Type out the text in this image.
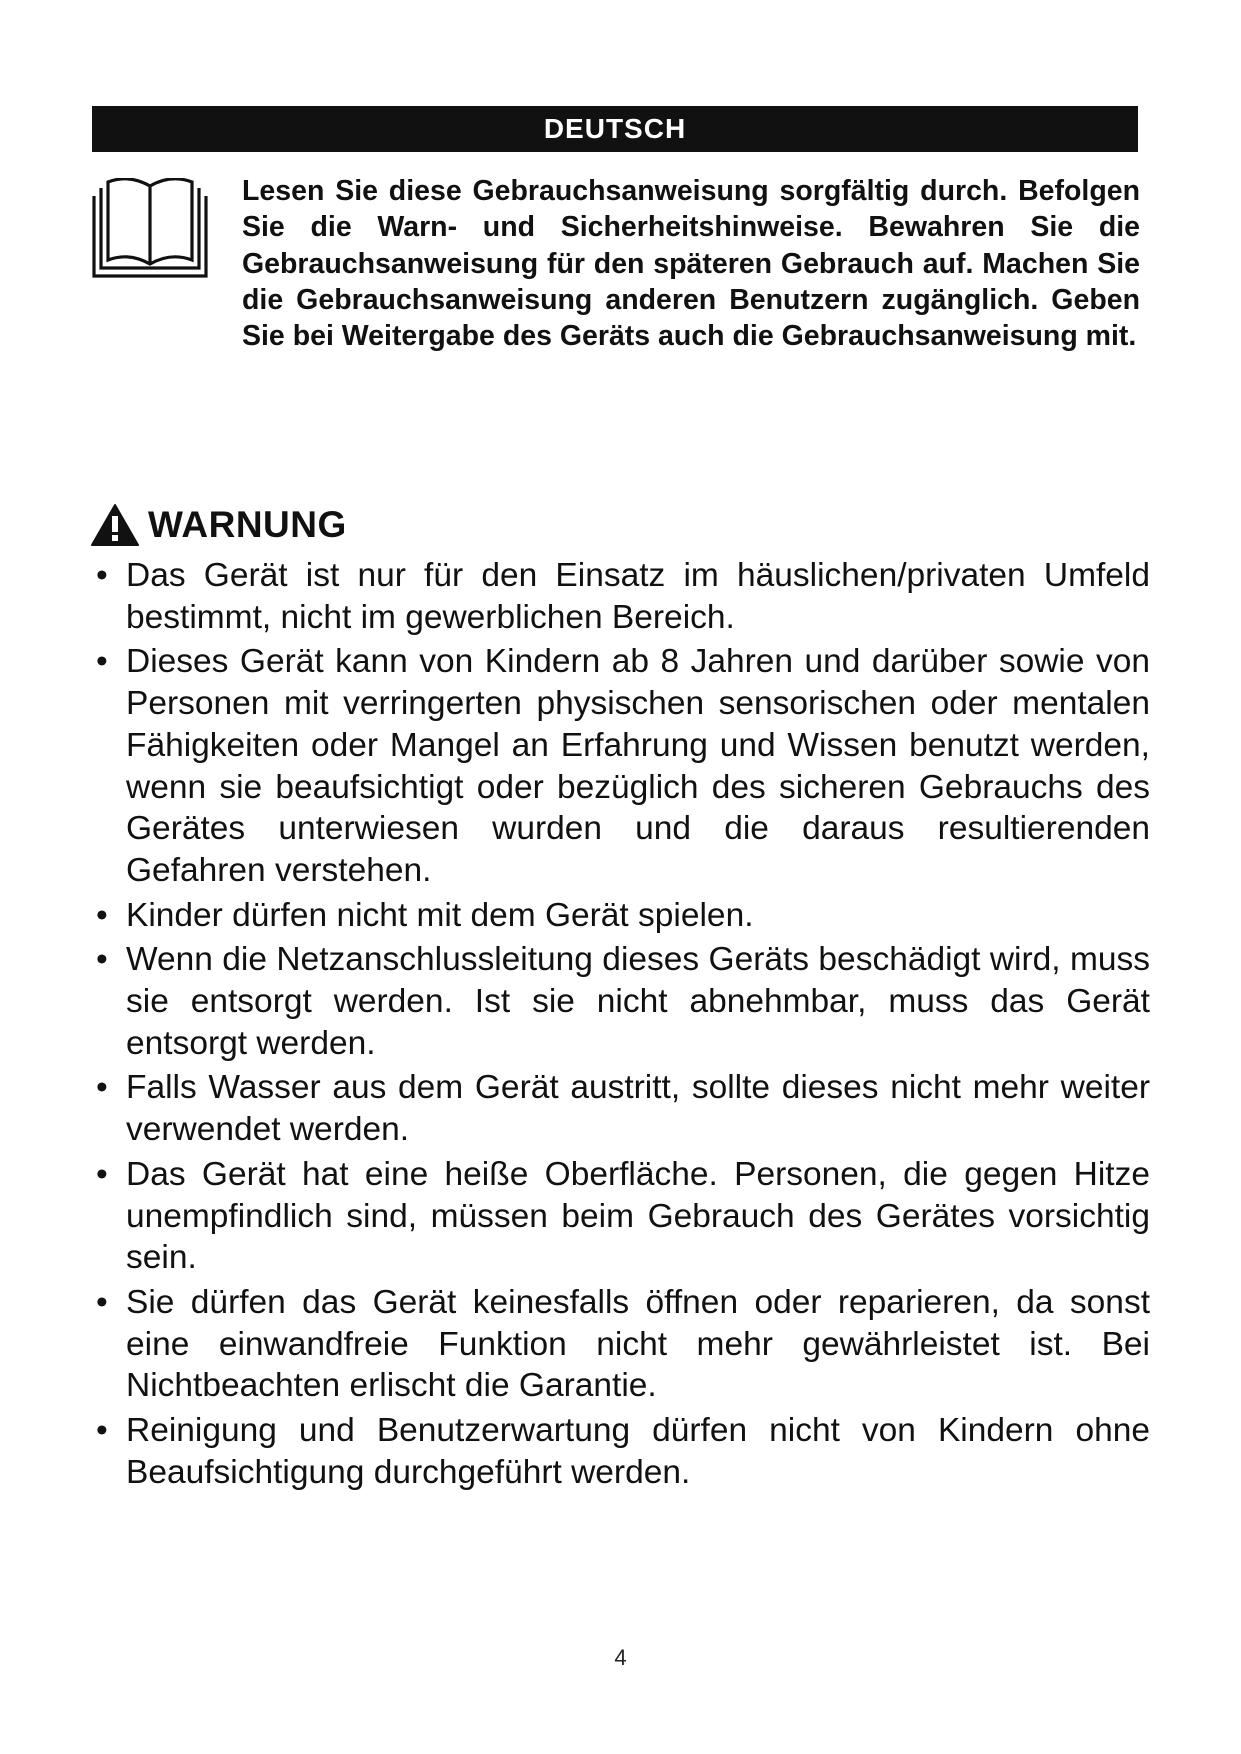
DEUTSCH
Lesen Sie diese Gebrauchsanweisung sorgfältig durch. Befolgen Sie die Warn- und Sicherheitshinweise. Bewahren Sie die Gebrauchsanweisung für den späteren Gebrauch auf. Machen Sie die Gebrauchsanweisung anderen Benutzern zugänglich. Geben Sie bei Weitergabe des Geräts auch die Gebrauchsanweisung mit.
WARNUNG
• Das Gerät ist nur für den Einsatz im häuslichen/privaten Umfeld bestimmt, nicht im gewerblichen Bereich.
• Dieses Gerät kann von Kindern ab 8 Jahren und darüber sowie von Personen mit verringerten physischen sensorischen oder mentalen Fähigkeiten oder Mangel an Erfahrung und Wissen benutzt werden, wenn sie beaufsichtigt oder bezüglich des sicheren Gebrauchs des Gerätes unterwiesen wurden und die daraus resultierenden Gefahren verstehen.
• Kinder dürfen nicht mit dem Gerät spielen.
• Wenn die Netzanschlussleitung dieses Geräts beschädigt wird, muss sie entsorgt werden. Ist sie nicht abnehmbar, muss das Gerät entsorgt werden.
• Falls Wasser aus dem Gerät austritt, sollte dieses nicht mehr weiter verwendet werden.
• Das Gerät hat eine heiße Oberfläche. Personen, die gegen Hitze unempfindlich sind, müssen beim Gebrauch des Gerätes vorsichtig sein.
• Sie dürfen das Gerät keinesfalls öffnen oder reparieren, da sonst eine einwandfreie Funktion nicht mehr gewährleistet ist. Bei Nichtbeachten erlischt die Garantie.
• Reinigung und Benutzerwartung dürfen nicht von Kindern ohne Beaufsichtigung durchgeführt werden.
4
